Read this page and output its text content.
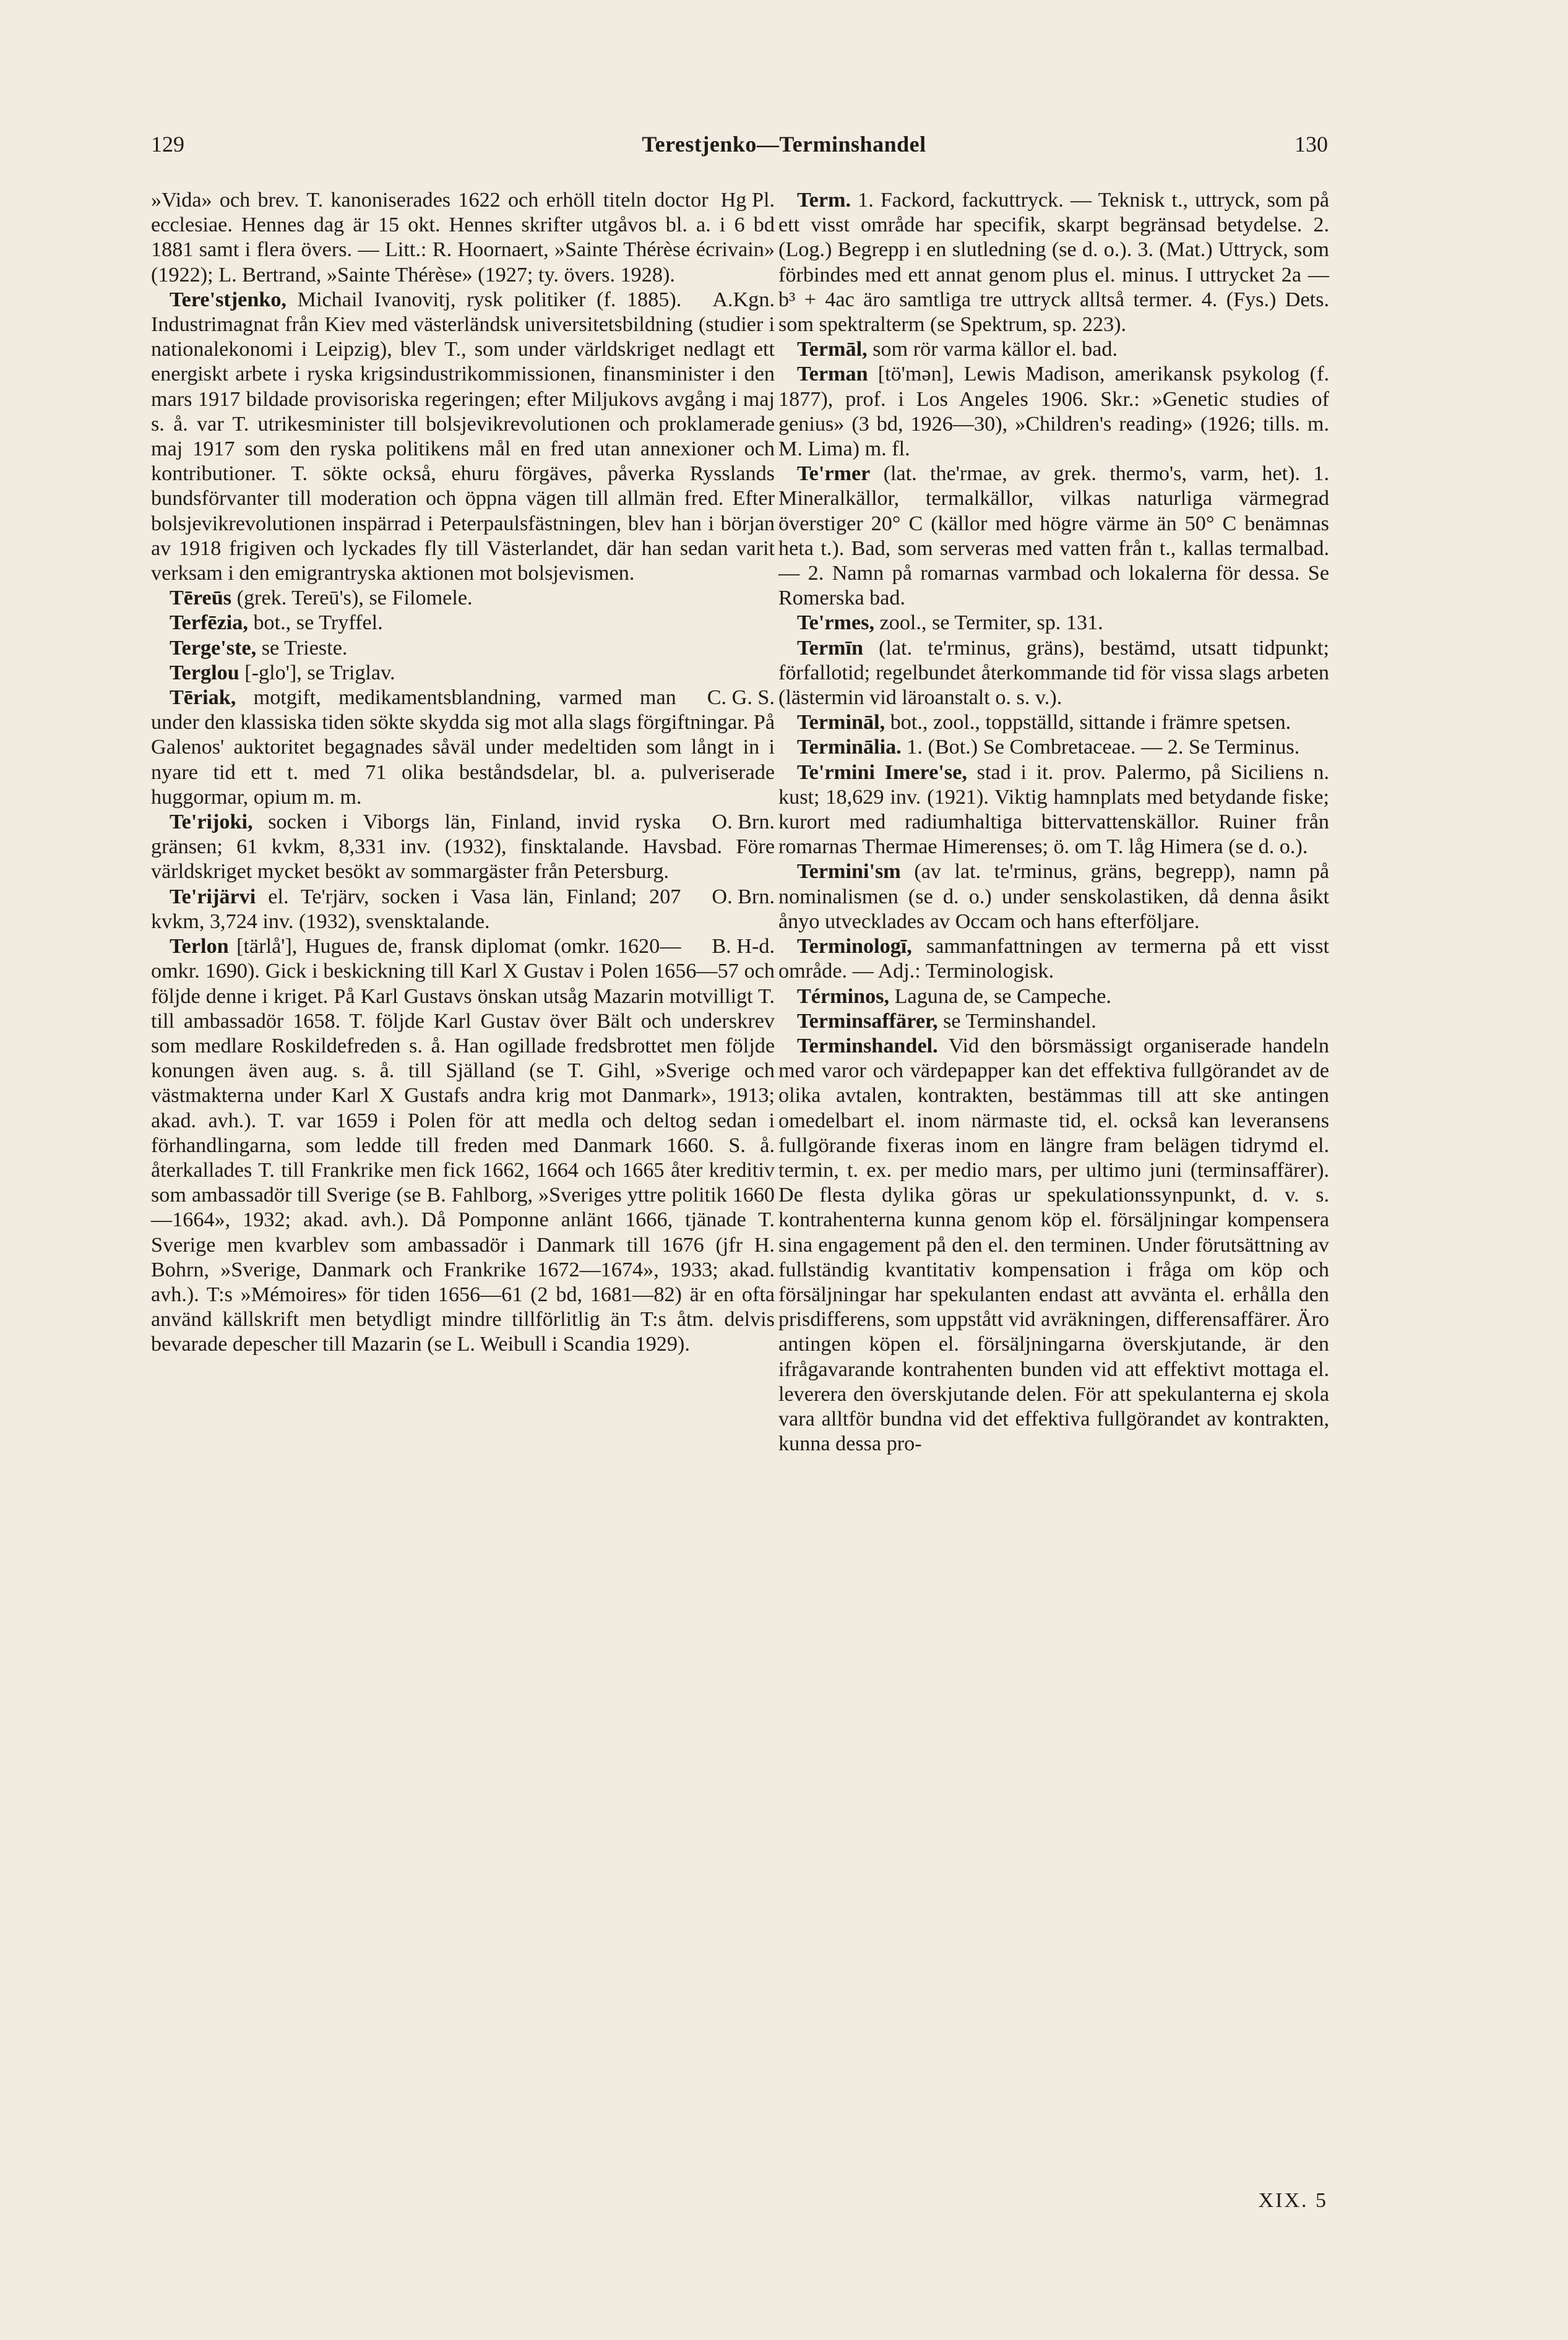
129	Terestjenko—Terminshandel	130

Hg Pl.
»Vida» och brev. T. kanoniserades 1622 och erhöll titeln doctor ecclesiae. Hennes dag är 15 okt. Hennes skrifter utgåvos bl. a. i 6 bd 1881 samt i flera övers. — Litt.: R. Hoornaert, »Sainte Thérèse écrivain» (1922); L. Bertrand, »Sainte Thérèse» (1927; ty. övers. 1928).

A.Kgn.
Tere'stjenko, Michail Ivanovitj, rysk politiker (f. 1885). Industrimagnat från Kiev med västerländsk universitetsbildning (studier i nationalekonomi i Leipzig), blev T., som under världskriget nedlagt ett energiskt arbete i ryska krigsindustrikommissionen, finansminister i den mars 1917 bildade provisoriska regeringen; efter Miljukovs avgång i maj s. å. var T. utrikesminister till bolsjevikrevolutionen och proklamerade maj 1917 som den ryska politikens mål en fred utan annexioner och kontributioner. T. sökte också, ehuru förgäves, påverka Rysslands bundsförvanter till moderation och öppna vägen till allmän fred. Efter bolsjevikrevolutionen inspärrad i Peterpaulsfästningen, blev han i början av 1918 frigiven och lyckades fly till Västerlandet, där han sedan varit verksam i den emigrantryska aktionen mot bolsjevismen.

Tēreūs (grek. Tereū's), se Filomele.

Terfēzia, bot., se Tryffel.

Terge'ste, se Trieste.

Terglou [-glo'], se Triglav.

C. G. S.
Tēriak, motgift, medikamentsblandning, varmed man under den klassiska tiden sökte skydda sig mot alla slags förgiftningar. På Galenos' auktoritet begagnades såväl under medeltiden som långt in i nyare tid ett t. med 71 olika beståndsdelar, bl. a. pulveriserade huggormar, opium m. m.

O. Brn.
Te'rijoki, socken i Viborgs län, Finland, invid ryska gränsen; 61 kvkm, 8,331 inv. (1932), finsktalande. Havsbad. Före världskriget mycket besökt av sommargäster från Petersburg.

O. Brn.
Te'rijärvi el. Te'rjärv, socken i Vasa län, Finland; 207 kvkm, 3,724 inv. (1932), svensktalande.

B. H-d.
Terlon [tärlå'], Hugues de, fransk diplomat (omkr. 1620—omkr. 1690). Gick i beskickning till Karl X Gustav i Polen 1656—57 och följde denne i kriget. På Karl Gustavs önskan utsåg Mazarin motvilligt T. till ambassadör 1658. T. följde Karl Gustav över Bält och underskrev som medlare Roskildefreden s. å. Han ogillade fredsbrottet men följde konungen även aug. s. å. till Själland (se T. Gihl, »Sverige och västmakterna under Karl X Gustafs andra krig mot Danmark», 1913; akad. avh.). T. var 1659 i Polen för att medla och deltog sedan i förhandlingarna, som ledde till freden med Danmark 1660. S. å. återkallades T. till Frankrike men fick 1662, 1664 och 1665 åter kreditiv som ambassadör till Sverige (se B. Fahlborg, »Sveriges yttre politik 1660—1664», 1932; akad. avh.). Då Pomponne anlänt 1666, tjänade T. Sverige men kvarblev som ambassadör i Danmark till 1676 (jfr H. Bohrn, »Sverige, Danmark och Frankrike 1672—1674», 1933; akad. avh.). T:s »Mémoires» för tiden 1656—61 (2 bd, 1681—82) är en ofta använd källskrift men betydligt mindre tillförlitlig än T:s åtm. delvis bevarade depescher till Mazarin (se L. Weibull i Scandia 1929).

Term. 1. Fackord, fackuttryck. — Teknisk t., uttryck, som på ett visst område har specifik, skarpt begränsad betydelse. 2. (Log.) Begrepp i en slutledning (se d. o.). 3. (Mat.) Uttryck, som förbindes med ett annat genom plus el. minus. I uttrycket 2a — b³ + 4ac äro samtliga tre uttryck alltså termer. 4. (Fys.) Dets. som spektralterm (se Spektrum, sp. 223).

Termāl, som rör varma källor el. bad.

Terman [tö'mən], Lewis Madison, amerikansk psykolog (f. 1877), prof. i Los Angeles 1906. Skr.: »Genetic studies of genius» (3 bd, 1926—30), »Children's reading» (1926; tills. m. M. Lima) m. fl.

Te'rmer (lat. the'rmae, av grek. thermo's, varm, het). 1. Mineralkällor, termalkällor, vilkas naturliga värmegrad överstiger 20° C (källor med högre värme än 50° C benämnas heta t.). Bad, som serveras med vatten från t., kallas termalbad. — 2. Namn på romarnas varmbad och lokalerna för dessa. Se Romerska bad.

Te'rmes, zool., se Termiter, sp. 131.

Termīn (lat. te'rminus, gräns), bestämd, utsatt tidpunkt; förfallotid; regelbundet återkommande tid för vissa slags arbeten (lästermin vid läroanstalt o. s. v.).

Termināl, bot., zool., toppställd, sittande i främre spetsen.

Terminālia. 1. (Bot.) Se Combretaceae. — 2. Se Terminus.

Te'rmini Imere'se, stad i it. prov. Palermo, på Siciliens n. kust; 18,629 inv. (1921). Viktig hamnplats med betydande fiske; kurort med radiumhaltiga bittervattenskällor. Ruiner från romarnas Thermae Himerenses; ö. om T. låg Himera (se d. o.).

Termini'sm (av lat. te'rminus, gräns, begrepp), namn på nominalismen (se d. o.) under senskolastiken, då denna åsikt ånyo utvecklades av Occam och hans efterföljare.

Terminologī, sammanfattningen av termerna på ett visst område. — Adj.: Terminologisk.

Términos, Laguna de, se Campeche.

Terminsaffärer, se Terminshandel.

Terminshandel. Vid den börsmässigt organiserade handeln med varor och värdepapper kan det effektiva fullgörandet av de olika avtalen, kontrakten, bestämmas till att ske antingen omedelbart el. inom närmaste tid, el. också kan leveransens fullgörande fixeras inom en längre fram belägen tidrymd el. termin, t. ex. per medio mars, per ultimo juni (terminsaffärer). De flesta dylika göras ur spekulationssynpunkt, d. v. s. kontrahenterna kunna genom köp el. försäljningar kompensera sina engagement på den el. den terminen. Under förutsättning av fullständig kvantitativ kompensation i fråga om köp och försäljningar har spekulanten endast att avvänta el. erhålla den prisdifferens, som uppstått vid avräkningen, differensaffärer. Äro antingen köpen el. försäljningarna överskjutande, är den ifrågavarande kontrahenten bunden vid att effektivt mottaga el. leverera den överskjutande delen. För att spekulanterna ej skola vara alltför bundna vid det effektiva fullgörandet av kontrakten, kunna dessa pro-

XIX. 5
